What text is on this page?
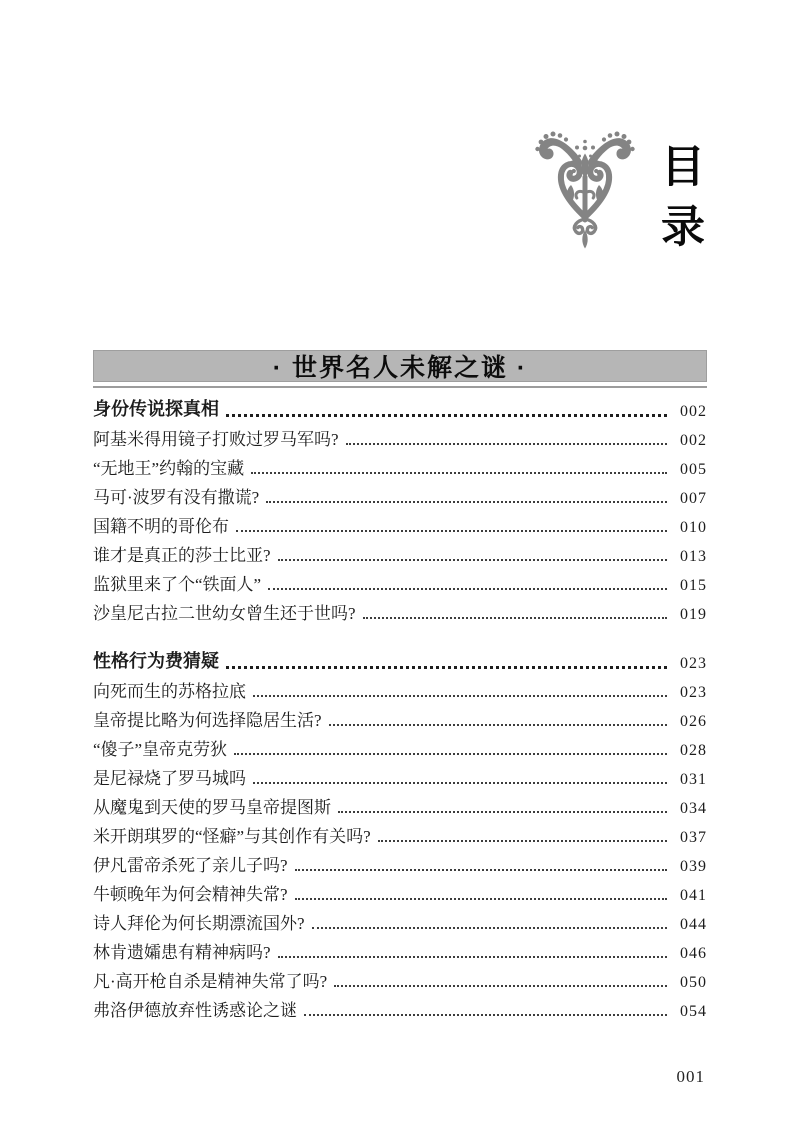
目录
· 世界名人未解之谜 ·
身份传说探真相	002
阿基米得用镜子打败过罗马军吗?	002
“无地王”约翰的宝藏	005
马可·波罗有没有撒谎?	007
国籍不明的哥伦布	010
谁才是真正的莎士比亚?	013
监狱里来了个“铁面人”	015
沙皇尼古拉二世幼女曾生还于世吗?	019
性格行为费猜疑	023
向死而生的苏格拉底	023
皇帝提比略为何选择隐居生活?	026
“傻子”皇帝克劳狄	028
是尼禄烧了罗马城吗	031
从魔鬼到天使的罗马皇帝提图斯	034
米开朗琪罗的“怪癖”与其创作有关吗?	037
伊凡雷帝杀死了亲儿子吗?	039
牛顿晚年为何会精神失常?	041
诗人拜伦为何长期漂流国外?	044
林肯遗孀患有精神病吗?	046
凡·高开枪自杀是精神失常了吗?	050
弗洛伊德放弃性诱惑论之谜	054
001
